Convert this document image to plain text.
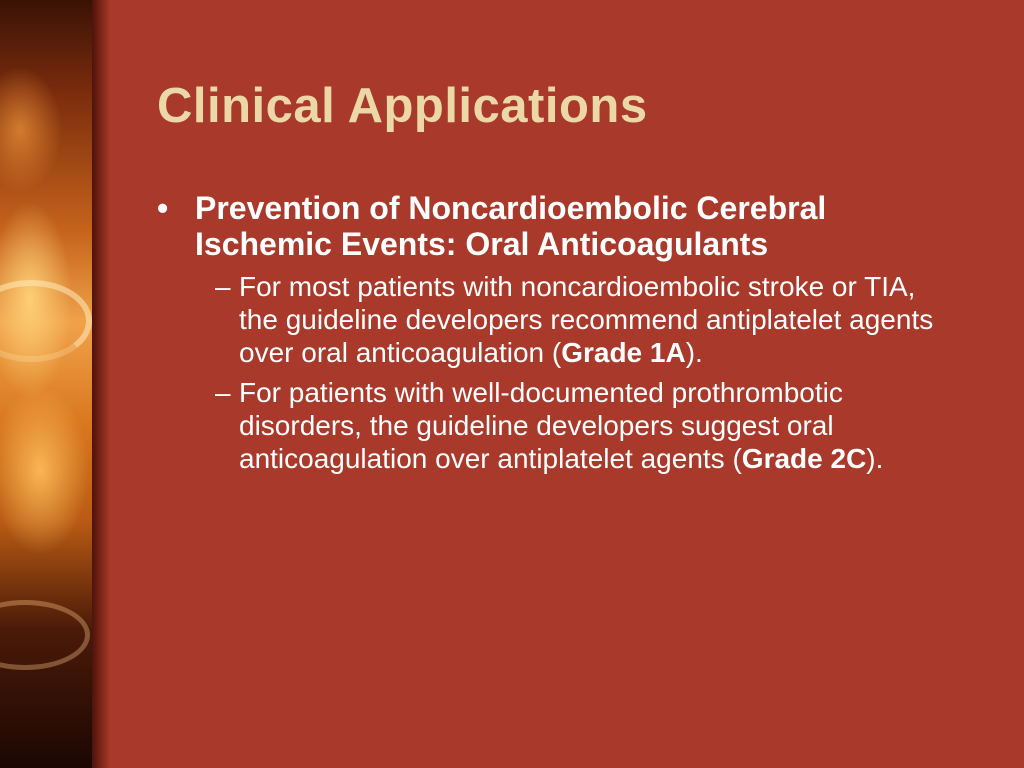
Clinical Applications
• Prevention of Noncardioembolic Cerebral Ischemic Events: Oral Anticoagulants
– For most patients with noncardioembolic stroke or TIA, the guideline developers recommend antiplatelet agents over oral anticoagulation (Grade 1A).
– For patients with well-documented prothrombotic disorders, the guideline developers suggest oral anticoagulation over antiplatelet agents (Grade 2C).
